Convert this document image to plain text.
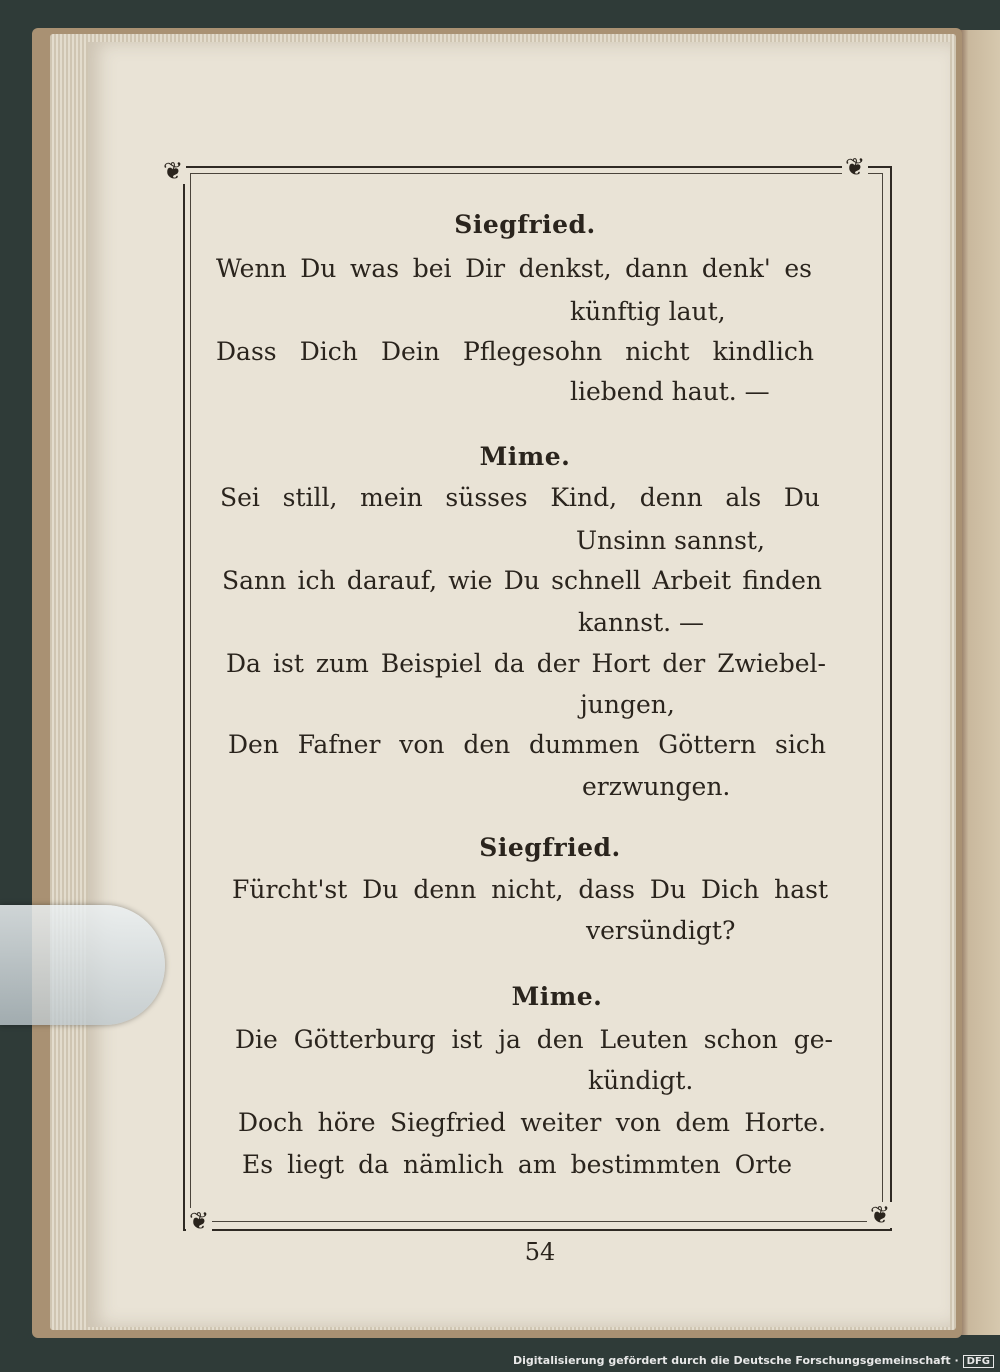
❦	❦
❦	❦
Siegfried.
Wenn Du was bei Dir denkst, dann denk' es
künftig laut,
Dass Dich Dein Pflegesohn nicht kindlich
liebend haut. —
Mime.
Sei still, mein süsses Kind, denn als Du
Unsinn sannst,
Sann ich darauf, wie Du schnell Arbeit finden
kannst. —
Da ist zum Beispiel da der Hort der Zwiebel-
jungen,
Den Fafner von den dummen Göttern sich
erzwungen.
Siegfried.
Fürcht'st Du denn nicht, dass Du Dich hast
versündigt?
Mime.
Die Götterburg ist ja den Leuten schon ge-
kündigt.
Doch höre Siegfried weiter von dem Horte.
Es liegt da nämlich am bestimmten Orte
54
Digitalisierung gefördert durch die Deutsche Forschungsgemeinschaft · DFG
